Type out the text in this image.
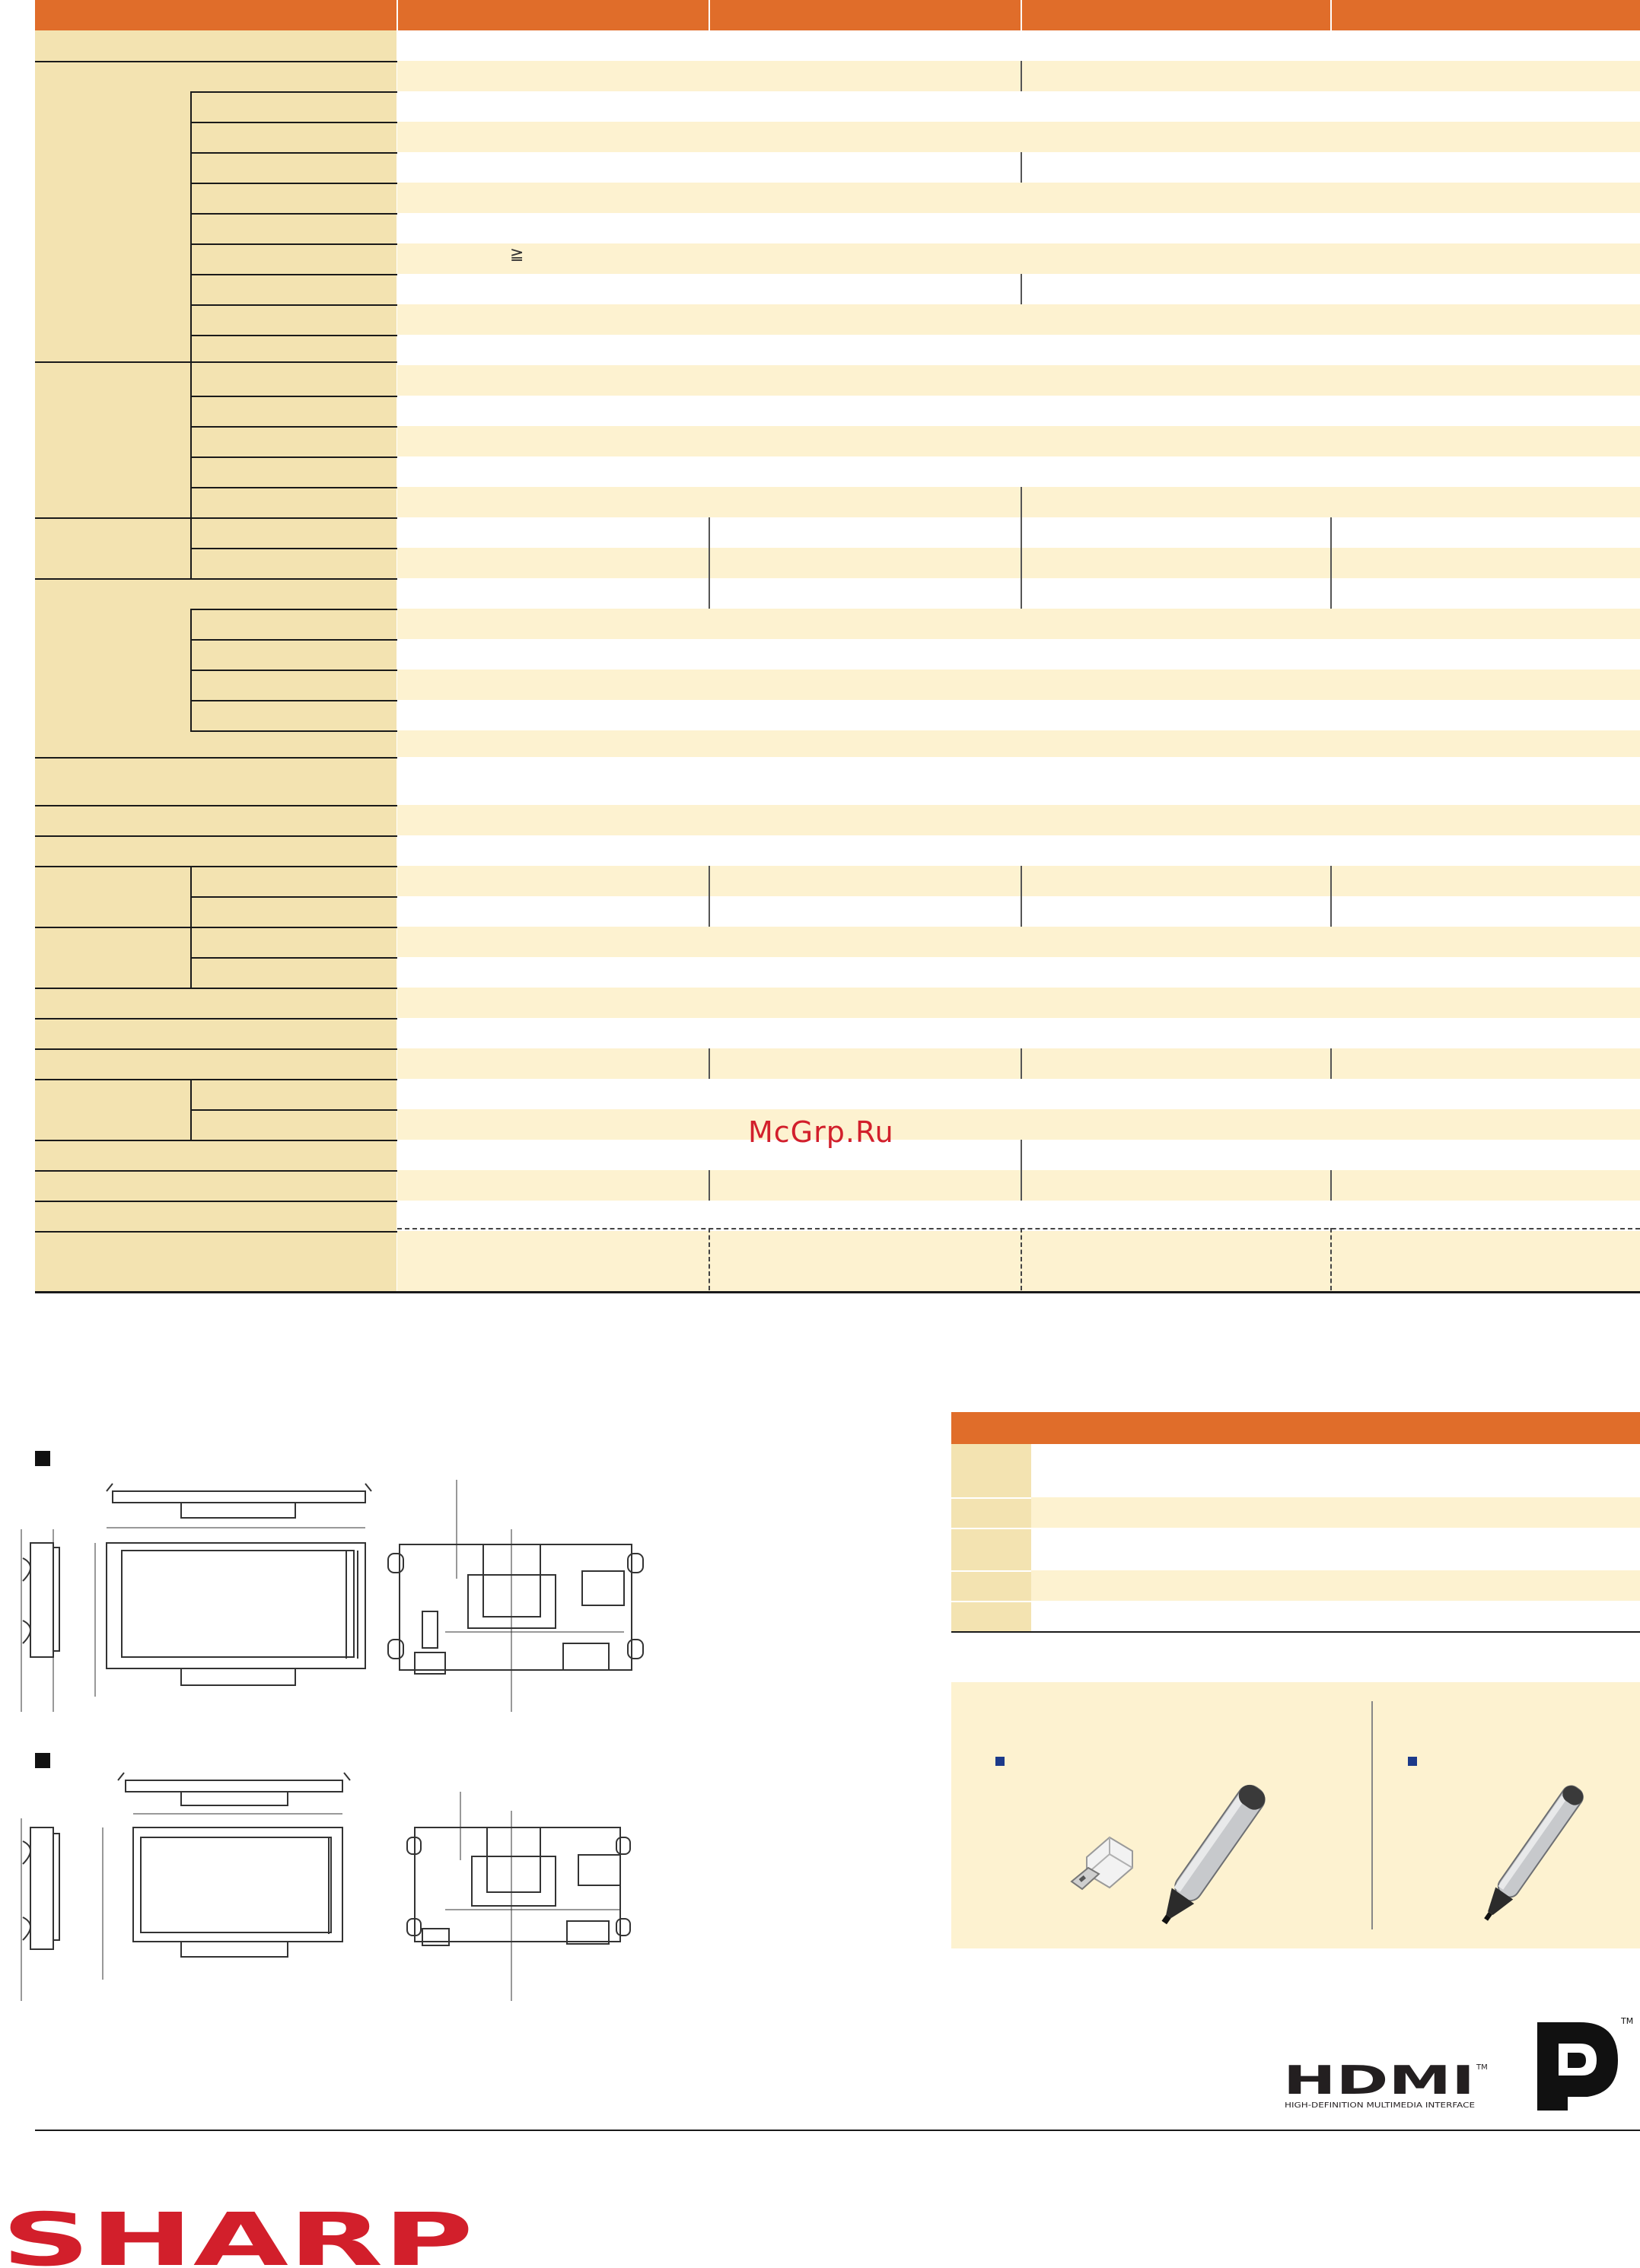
≧
HDMI TM
HIGH-DEFINITION MULTIMEDIA INTERFACE
TM
SHARP
McGrp.Ru
